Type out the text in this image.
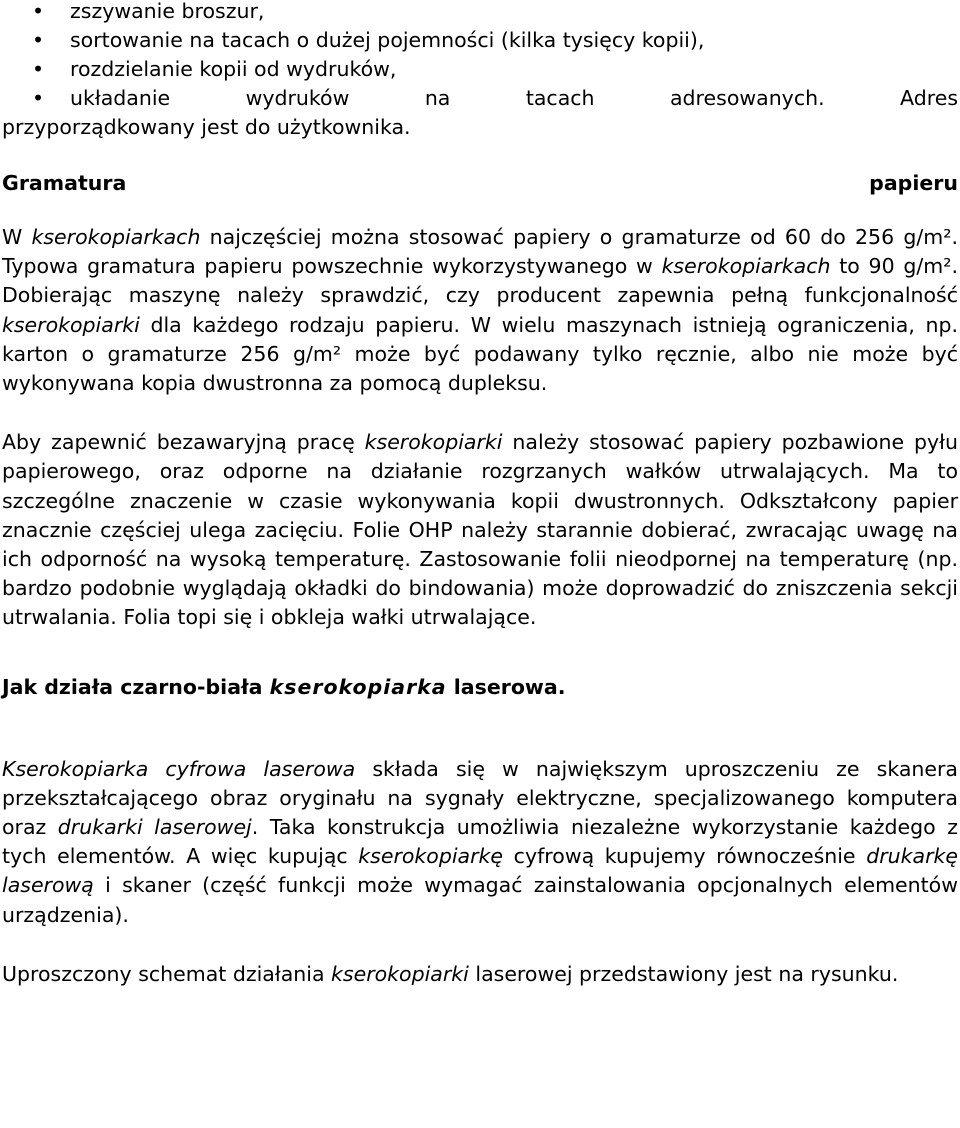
• zszywanie broszur,
• sortowanie na tacach o dużej pojemności (kilka tysięcy kopii),
• rozdzielanie kopii od wydruków,
• układanie wydruków na tacach adresowanych. Adres

przyporządkowany jest do użytkownika.

Gramatura	papieru

W kserokopiarkach najczęściej można stosować papiery o gramaturze od 60 do 256 g/m². Typowa gramatura papieru powszechnie wykorzystywanego w kserokopiarkach to 90 g/m². Dobierając maszynę należy sprawdzić, czy producent zapewnia pełną funkcjonalność kserokopiarki dla każdego rodzaju papieru. W wielu maszynach istnieją ograniczenia, np. karton o gramaturze 256 g/m² może być podawany tylko ręcznie, albo nie może być wykonywana kopia dwustronna za pomocą dupleksu.

Aby zapewnić bezawaryjną pracę kserokopiarki należy stosować papiery pozbawione pyłu papierowego, oraz odporne na działanie rozgrzanych wałków utrwalających. Ma to szczególne znaczenie w czasie wykonywania kopii dwustronnych. Odkształcony papier znacznie częściej ulega zacięciu. Folie OHP należy starannie dobierać, zwracając uwagę na ich odporność na wysoką temperaturę. Zastosowanie folii nieodpornej na temperaturę (np. bardzo podobnie wyglądają okładki do bindowania) może doprowadzić do zniszczenia sekcji utrwalania. Folia topi się i obkleja wałki utrwalające.

Jak działa czarno-biała kserokopiarka laserowa.

Kserokopiarka cyfrowa laserowa składa się w największym uproszczeniu ze skanera przekształcającego obraz oryginału na sygnały elektryczne, specjalizowanego komputera oraz drukarki laserowej. Taka konstrukcja umożliwia niezależne wykorzystanie każdego z tych elementów. A więc kupując kserokopiarkę cyfrową kupujemy równocześnie drukarkę laserową i skaner (część funkcji może wymagać zainstalowania opcjonalnych elementów urządzenia).

Uproszczony schemat działania kserokopiarki laserowej przedstawiony jest na rysunku.
